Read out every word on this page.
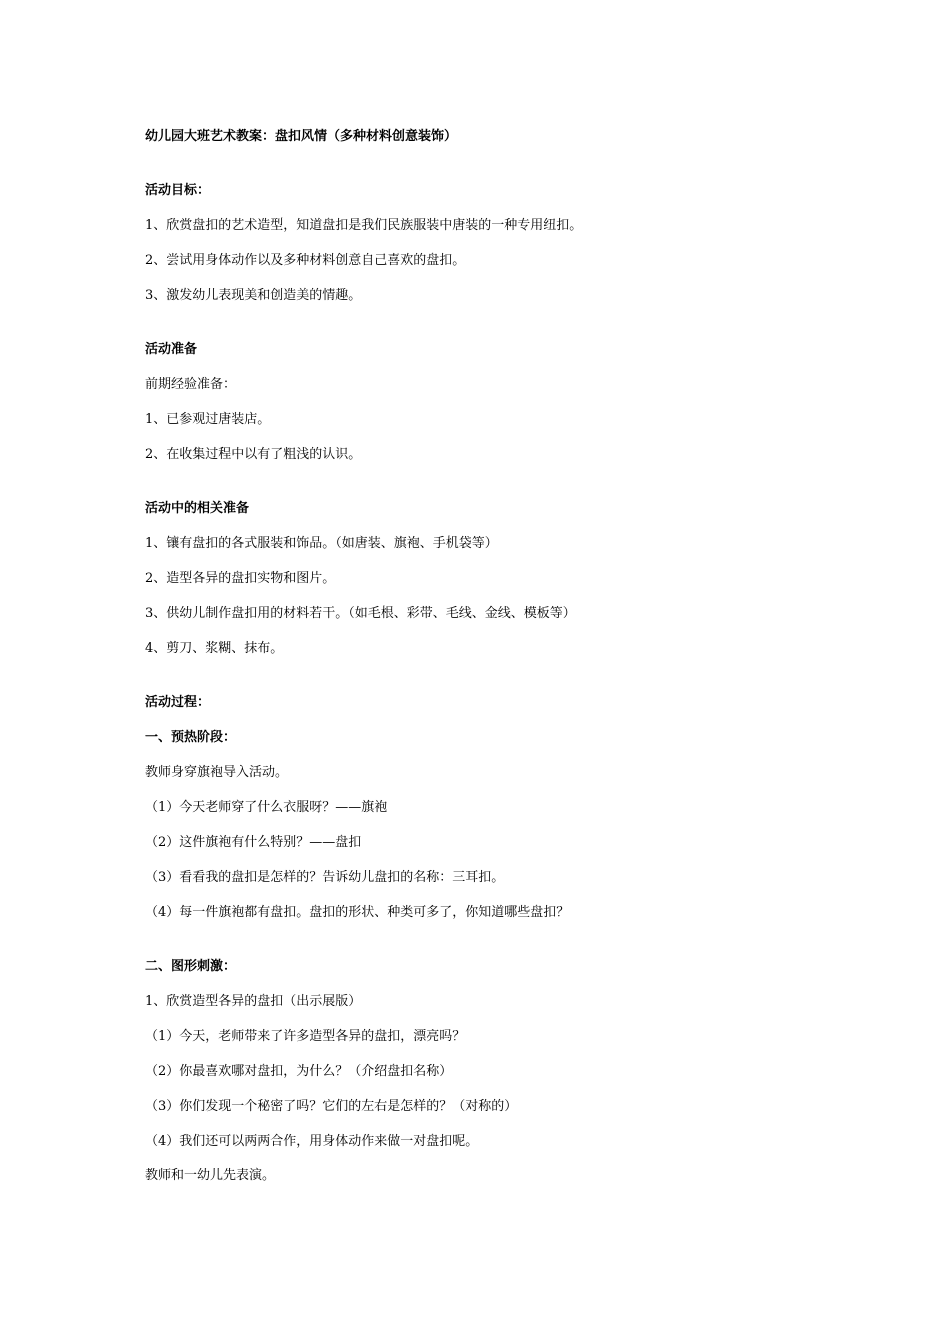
幼儿园大班艺术教案：盘扣风情（多种材料创意装饰）
活动目标：
1、欣赏盘扣的艺术造型，知道盘扣是我们民族服装中唐装的一种专用纽扣。
2、尝试用身体动作以及多种材料创意自己喜欢的盘扣。
3、激发幼儿表现美和创造美的情趣。
活动准备
前期经验准备：
1、已参观过唐装店。
2、在收集过程中以有了粗浅的认识。
活动中的相关准备
1、镶有盘扣的各式服装和饰品。（如唐装、旗袍、手机袋等）
2、造型各异的盘扣实物和图片。
3、供幼儿制作盘扣用的材料若干。（如毛根、彩带、毛线、金线、模板等）
4、剪刀、浆糊、抹布。
活动过程：
一、预热阶段：
教师身穿旗袍导入活动。
（1）今天老师穿了什么衣服呀？——旗袍
（2）这件旗袍有什么特别？——盘扣
（3）看看我的盘扣是怎样的？告诉幼儿盘扣的名称：三耳扣。
（4）每一件旗袍都有盘扣。盘扣的形状、种类可多了，你知道哪些盘扣？
二、图形刺激：
1、欣赏造型各异的盘扣（出示展版）
（1）今天，老师带来了许多造型各异的盘扣，漂亮吗？
（2）你最喜欢哪对盘扣，为什么？（介绍盘扣名称）
（3）你们发现一个秘密了吗？它们的左右是怎样的？（对称的）
（4）我们还可以两两合作，用身体动作来做一对盘扣呢。
教师和一幼儿先表演。
